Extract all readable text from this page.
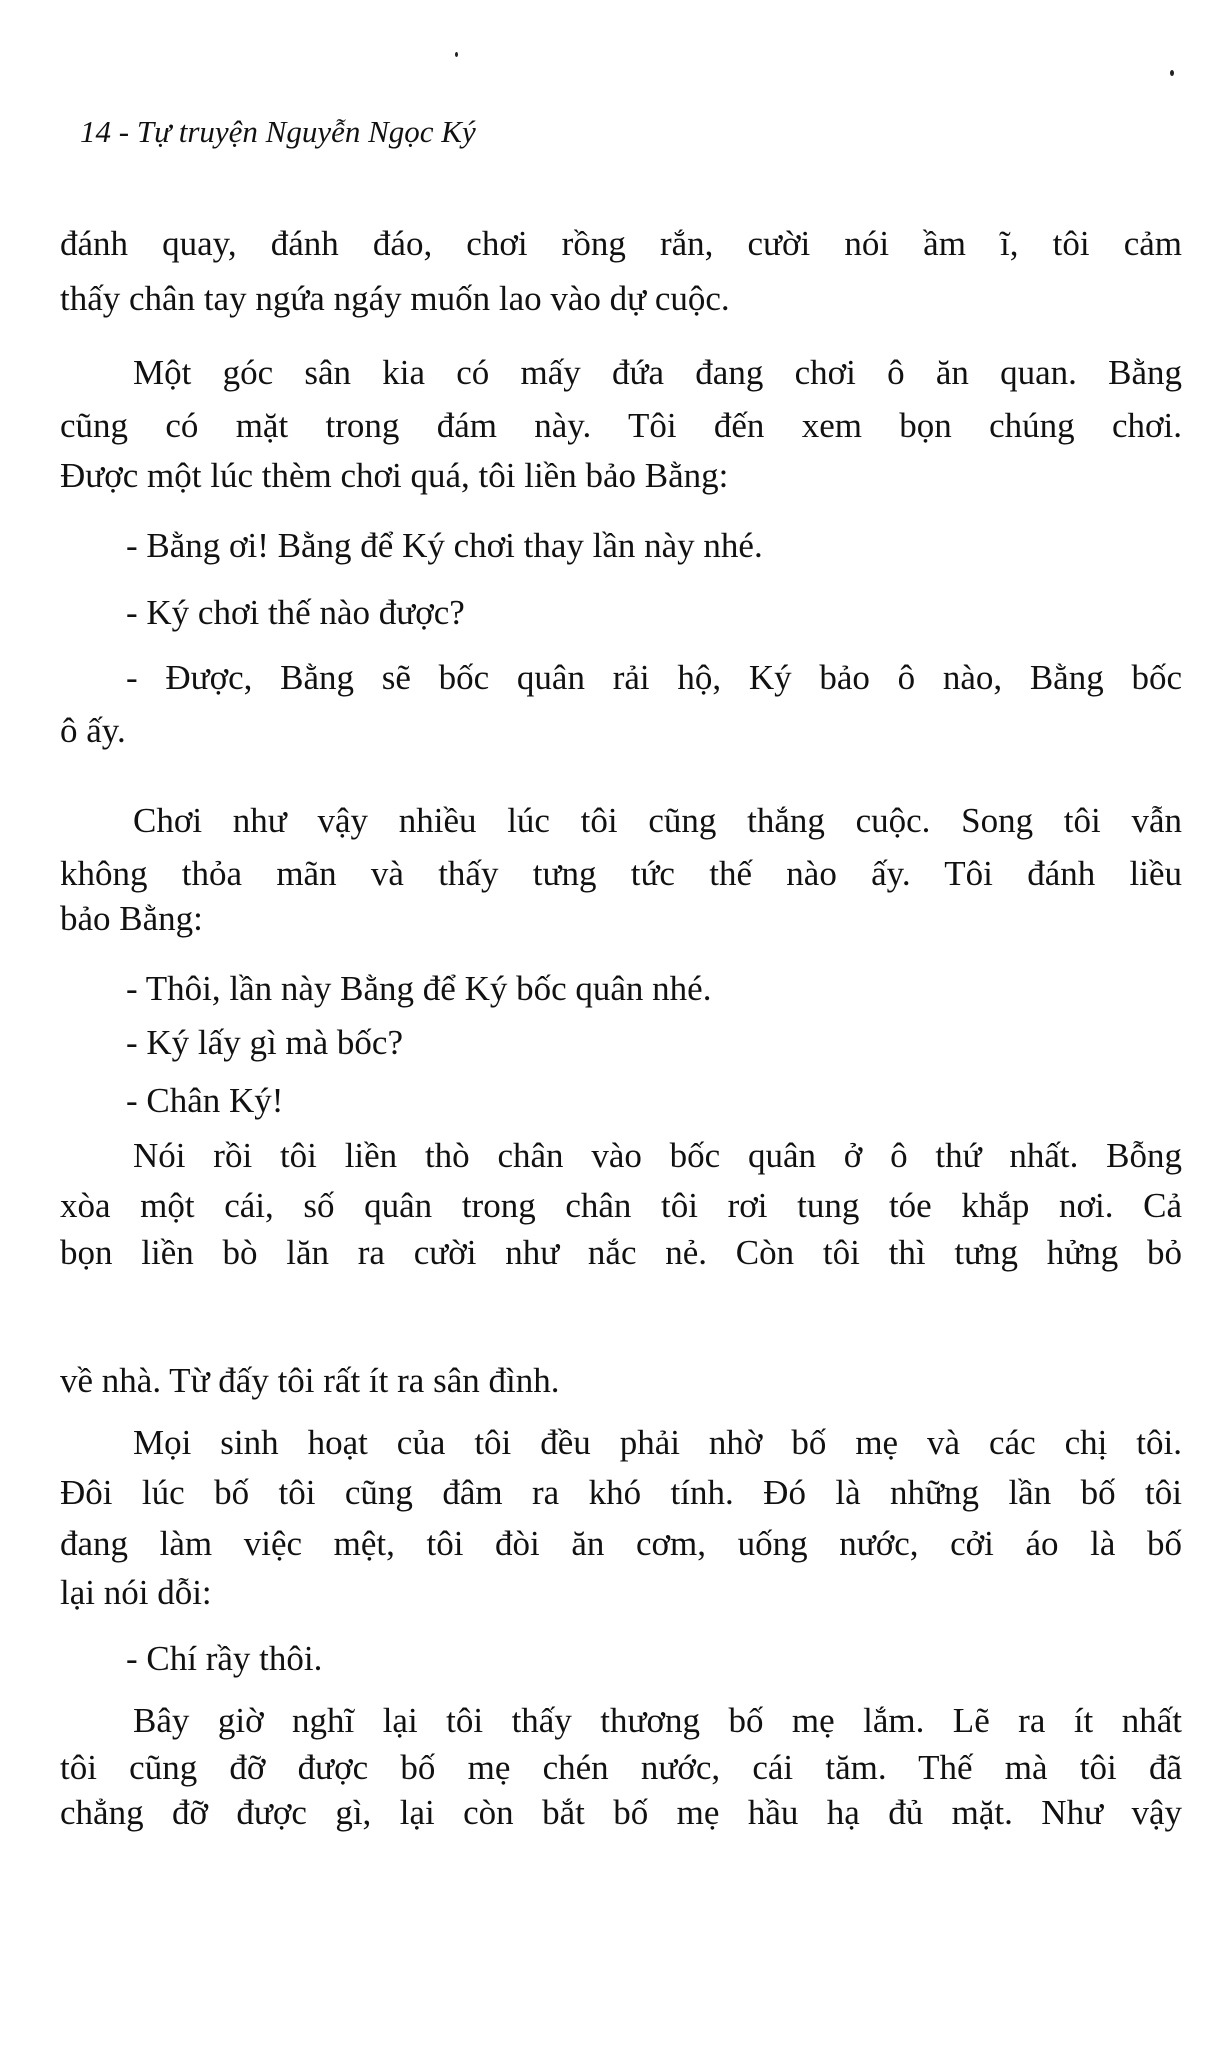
14 - Tự truyện Nguyễn Ngọc Ký
đánh quay, đánh đáo, chơi rồng rắn, cười nói ầm ĩ, tôi cảm
thấy chân tay ngứa ngáy muốn lao vào dự cuộc.
Một góc sân kia có mấy đứa đang chơi ô ăn quan. Bằng
cũng có mặt trong đám này. Tôi đến xem bọn chúng chơi.
Được một lúc thèm chơi quá, tôi liền bảo Bằng:
- Bằng ơi! Bằng để Ký chơi thay lần này nhé.
- Ký chơi thế nào được?
- Được, Bằng sẽ bốc quân rải hộ, Ký bảo ô nào, Bằng bốc
ô ấy.
Chơi như vậy nhiều lúc tôi cũng thắng cuộc. Song tôi vẫn
không thỏa mãn và thấy tưng tức thế nào ấy. Tôi đánh liều
bảo Bằng:
- Thôi, lần này Bằng để Ký bốc quân nhé.
- Ký lấy gì mà bốc?
- Chân Ký!
Nói rồi tôi liền thò chân vào bốc quân ở ô thứ nhất. Bỗng
xòa một cái, số quân trong chân tôi rơi tung tóe khắp nơi. Cả
bọn liền bò lăn ra cười như nắc nẻ. Còn tôi thì tưng hửng bỏ
về nhà. Từ đấy tôi rất ít ra sân đình.
Mọi sinh hoạt của tôi đều phải nhờ bố mẹ và các chị tôi.
Đôi lúc bố tôi cũng đâm ra khó tính. Đó là những lần bố tôi
đang làm việc mệt, tôi đòi ăn cơm, uống nước, cởi áo là bố
lại nói dỗi:
- Chí rầy thôi.
Bây giờ nghĩ lại tôi thấy thương bố mẹ lắm. Lẽ ra ít nhất
tôi cũng đỡ được bố mẹ chén nước, cái tăm. Thế mà tôi đã
chẳng đỡ được gì, lại còn bắt bố mẹ hầu hạ đủ mặt. Như vậy
